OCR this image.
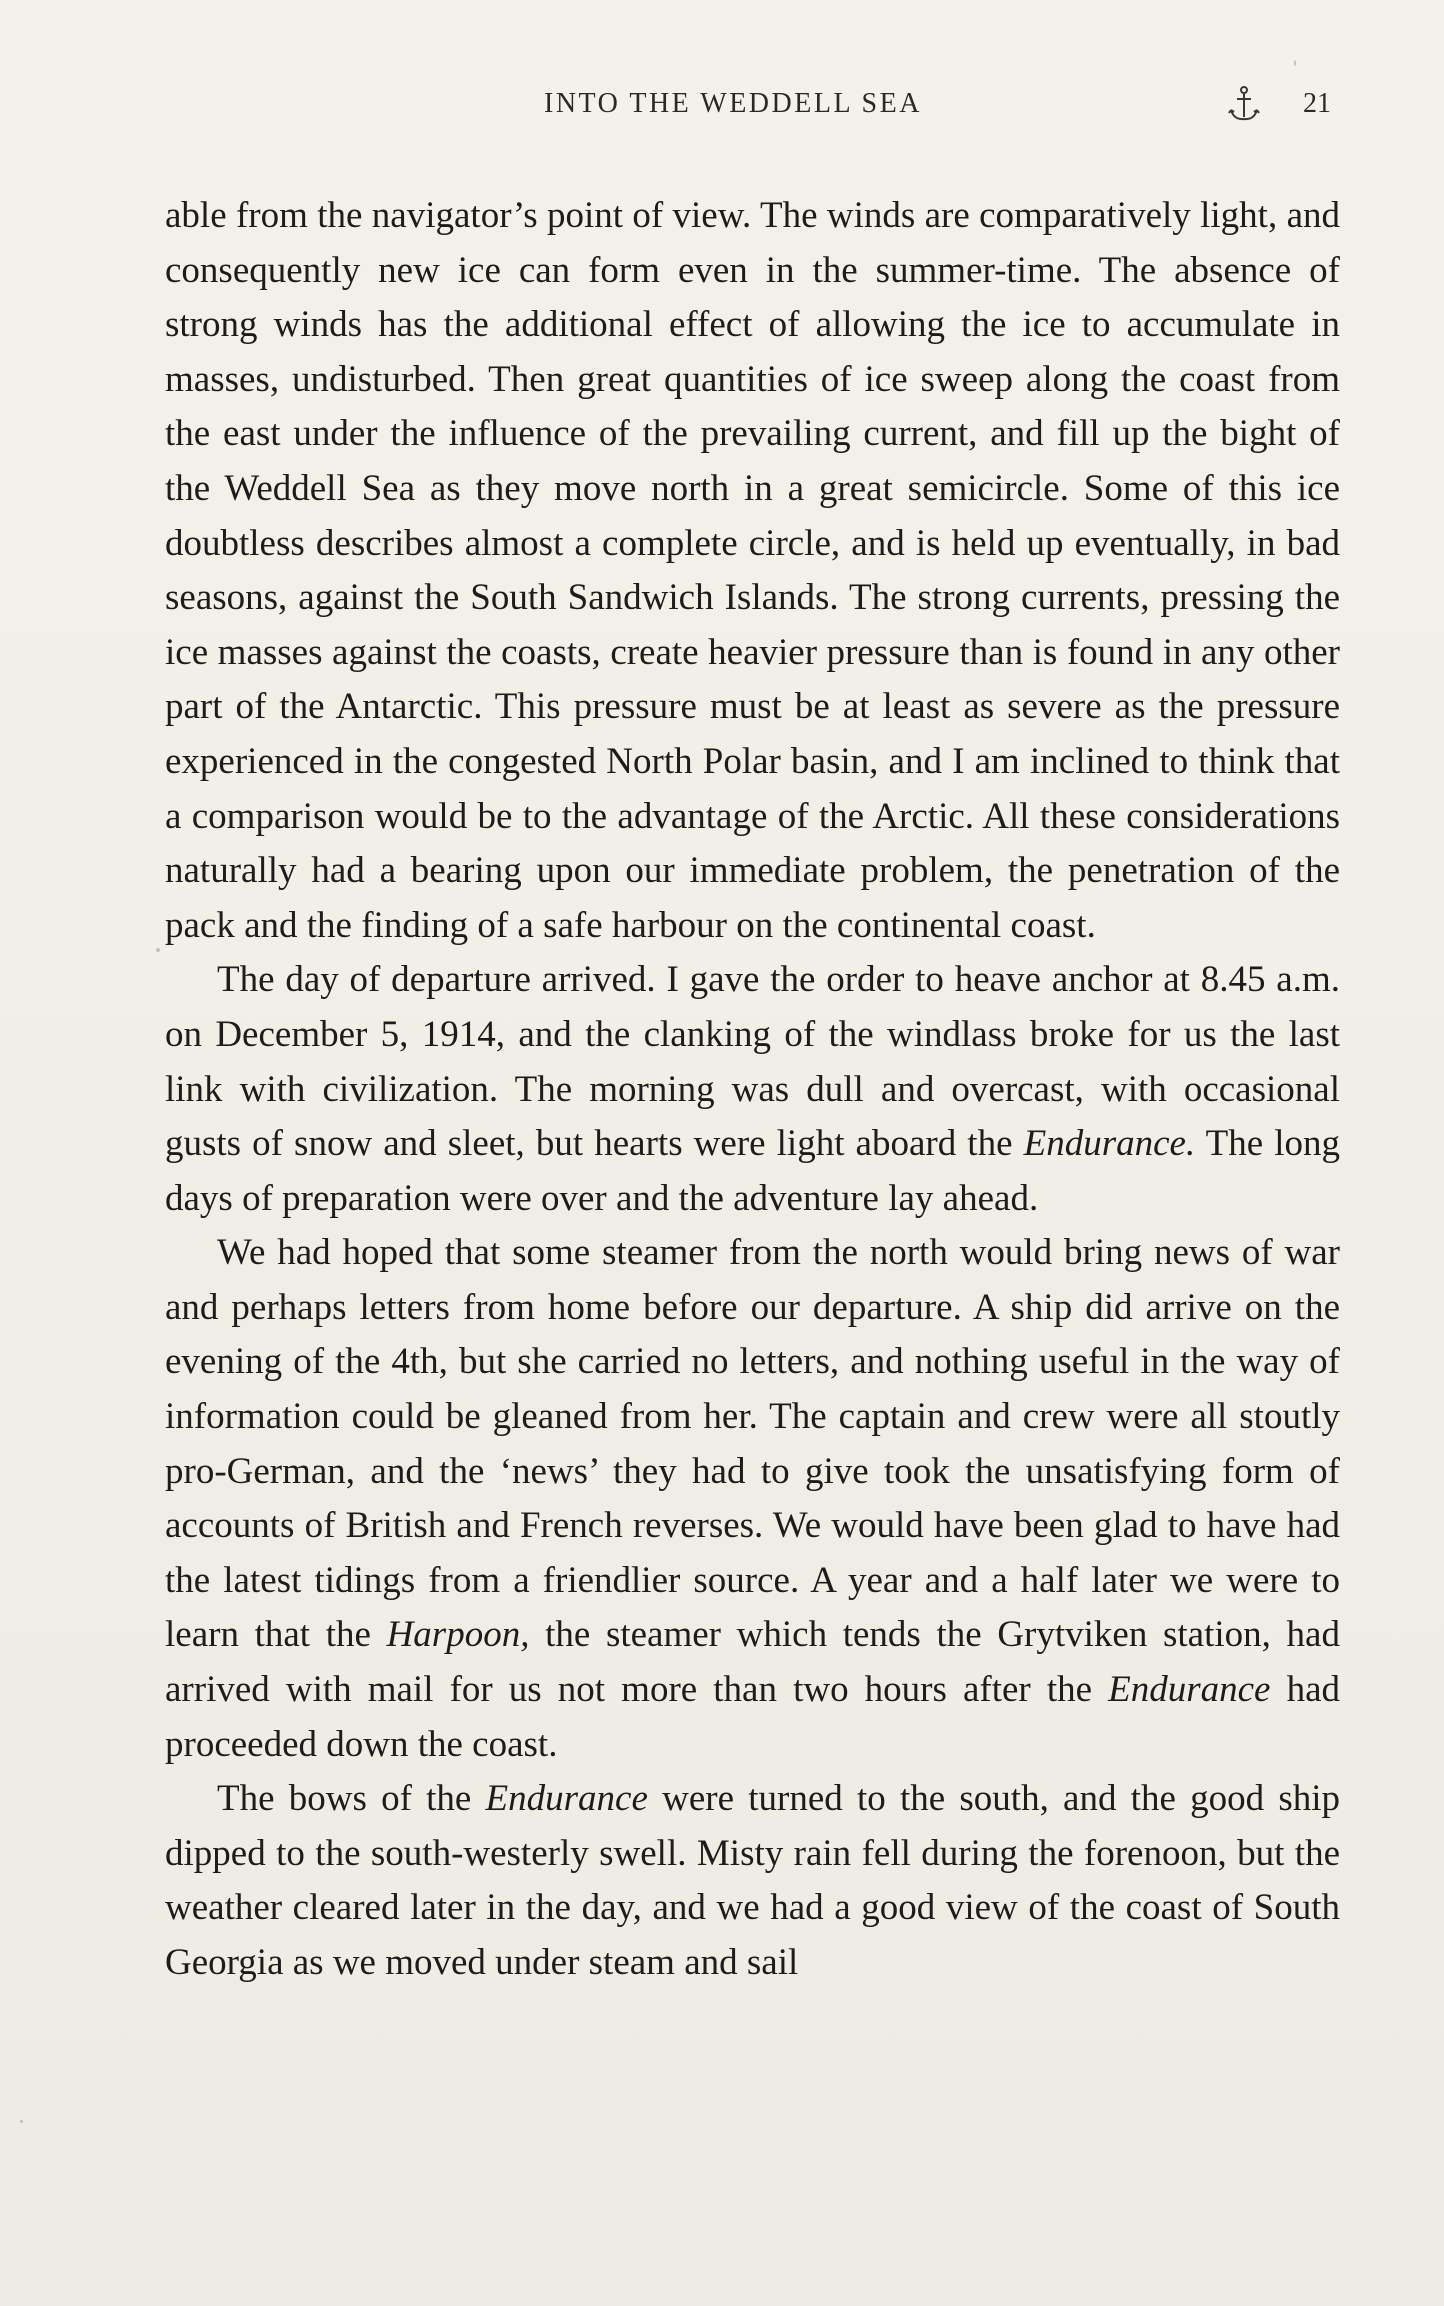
INTO THE WEDDELL SEA	21

able from the navigator’s point of view. The winds are comparatively light, and consequently new ice can form even in the summer-time. The absence of strong winds has the additional effect of allowing the ice to accumulate in masses, undisturbed. Then great quantities of ice sweep along the coast from the east under the influence of the prevailing current, and fill up the bight of the Weddell Sea as they move north in a great semicircle. Some of this ice doubtless describes almost a complete circle, and is held up eventually, in bad seasons, against the South Sandwich Islands. The strong currents, pressing the ice masses against the coasts, create heavier pressure than is found in any other part of the Antarctic. This pressure must be at least as severe as the pressure experienced in the congested North Polar basin, and I am inclined to think that a comparison would be to the advantage of the Arctic. All these considerations naturally had a bearing upon our immediate problem, the penetration of the pack and the finding of a safe harbour on the continental coast.

The day of departure arrived. I gave the order to heave anchor at 8.45 a.m. on December 5, 1914, and the clanking of the windlass broke for us the last link with civilization. The morning was dull and overcast, with occasional gusts of snow and sleet, but hearts were light aboard the Endurance. The long days of preparation were over and the adventure lay ahead.

We had hoped that some steamer from the north would bring news of war and perhaps letters from home before our departure. A ship did arrive on the evening of the 4th, but she carried no letters, and nothing useful in the way of information could be gleaned from her. The captain and crew were all stoutly pro-German, and the ‘news’ they had to give took the unsatisfying form of accounts of British and French reverses. We would have been glad to have had the latest tidings from a friendlier source. A year and a half later we were to learn that the Harpoon, the steamer which tends the Grytviken station, had arrived with mail for us not more than two hours after the Endurance had proceeded down the coast.

The bows of the Endurance were turned to the south, and the good ship dipped to the south-westerly swell. Misty rain fell during the forenoon, but the weather cleared later in the day, and we had a good view of the coast of South Georgia as we moved under steam and sail
